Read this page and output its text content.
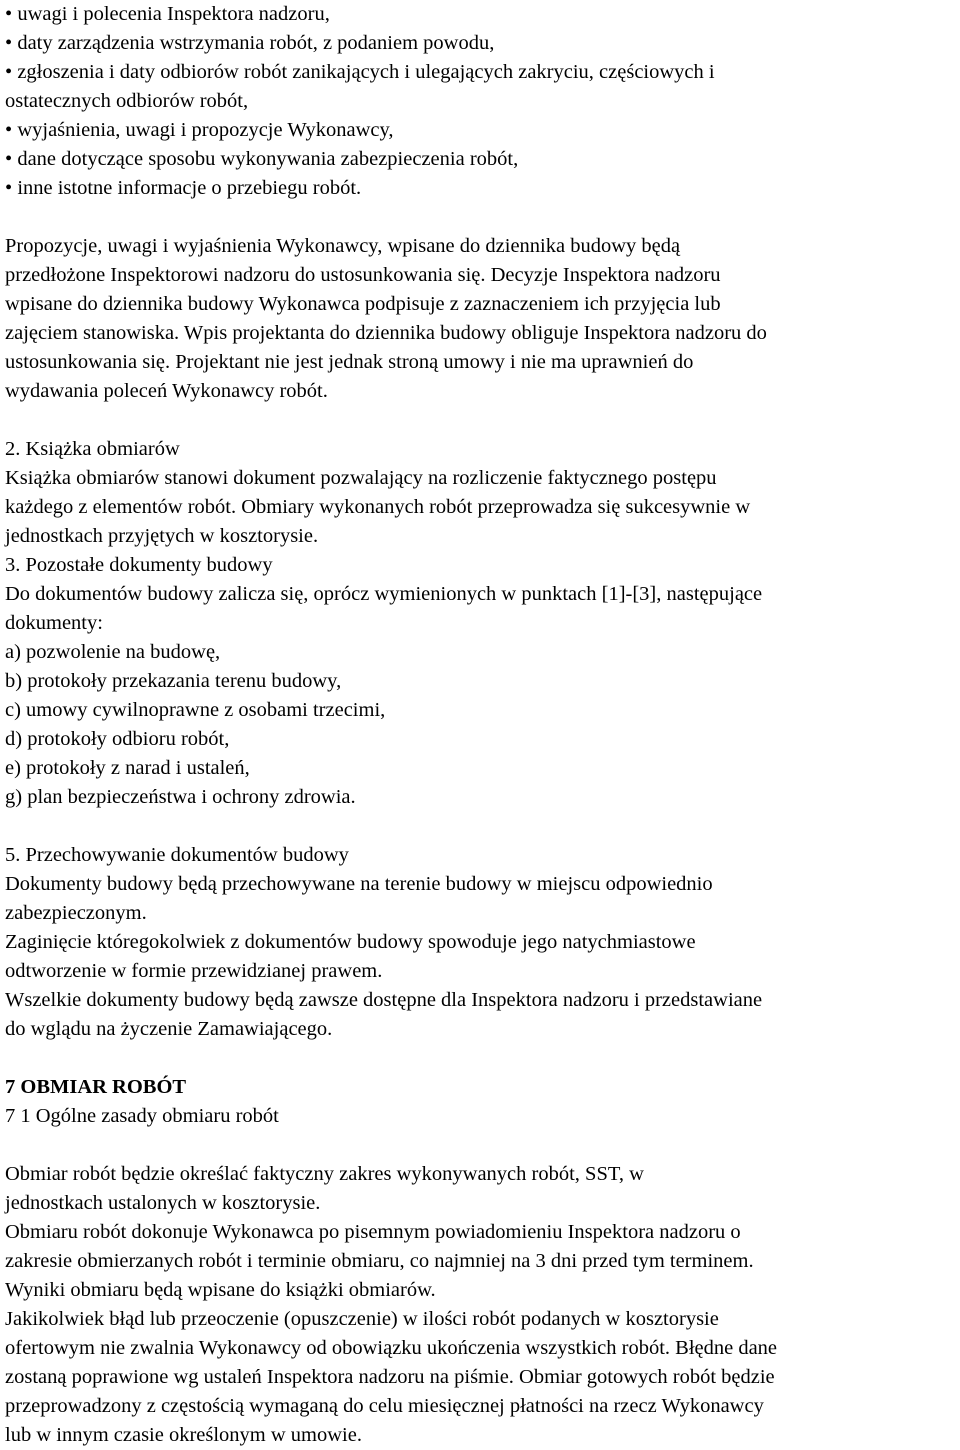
• uwagi i polecenia Inspektora nadzoru,
• daty zarządzenia wstrzymania robót, z podaniem powodu,
• zgłoszenia i daty odbiorów robót zanikających i ulegających zakryciu, częściowych i
ostatecznych odbiorów robót,
• wyjaśnienia, uwagi i propozycje Wykonawcy,
• dane dotyczące sposobu wykonywania zabezpieczenia robót,
• inne istotne informacje o przebiegu robót.
Propozycje, uwagi i wyjaśnienia Wykonawcy, wpisane do dziennika budowy będą
przedłożone Inspektorowi nadzoru do ustosunkowania się. Decyzje Inspektora nadzoru
wpisane do dziennika budowy Wykonawca podpisuje z zaznaczeniem ich przyjęcia lub
zajęciem stanowiska. Wpis projektanta do dziennika budowy obliguje Inspektora nadzoru do
ustosunkowania się. Projektant nie jest jednak stroną umowy i nie ma uprawnień do
wydawania poleceń Wykonawcy robót.
2. Książka obmiarów
Książka obmiarów stanowi dokument pozwalający na rozliczenie faktycznego postępu
każdego z elementów robót. Obmiary wykonanych robót przeprowadza się sukcesywnie w
jednostkach przyjętych w kosztorysie.
3. Pozostałe dokumenty budowy
Do dokumentów budowy zalicza się, oprócz wymienionych w punktach [1]-[3], następujące
dokumenty:
a) pozwolenie na budowę,
b) protokoły przekazania terenu budowy,
c) umowy cywilnoprawne z osobami trzecimi,
d) protokoły odbioru robót,
e) protokoły z narad i ustaleń,
g) plan bezpieczeństwa i ochrony zdrowia.
5. Przechowywanie dokumentów budowy
Dokumenty budowy będą przechowywane na terenie budowy w miejscu odpowiednio
zabezpieczonym.
Zaginięcie któregokolwiek z dokumentów budowy spowoduje jego natychmiastowe
odtworzenie w formie przewidzianej prawem.
Wszelkie dokumenty budowy będą zawsze dostępne dla Inspektora nadzoru i przedstawiane
do wglądu na życzenie Zamawiającego.
7 OBMIAR ROBÓT
7 1 Ogólne zasady obmiaru robót
Obmiar robót będzie określać faktyczny zakres wykonywanych robót, SST, w
jednostkach ustalonych w kosztorysie.
Obmiaru robót dokonuje Wykonawca po pisemnym powiadomieniu Inspektora nadzoru o
zakresie obmierzanych robót i terminie obmiaru, co najmniej na 3 dni przed tym terminem.
Wyniki obmiaru będą wpisane do książki obmiarów.
Jakikolwiek błąd lub przeoczenie (opuszczenie) w ilości robót podanych w kosztorysie
ofertowym nie zwalnia Wykonawcy od obowiązku ukończenia wszystkich robót. Błędne dane
zostaną poprawione wg ustaleń Inspektora nadzoru na piśmie. Obmiar gotowych robót będzie
przeprowadzony z częstością wymaganą do celu miesięcznej płatności na rzecz Wykonawcy
lub w innym czasie określonym w umowie.
